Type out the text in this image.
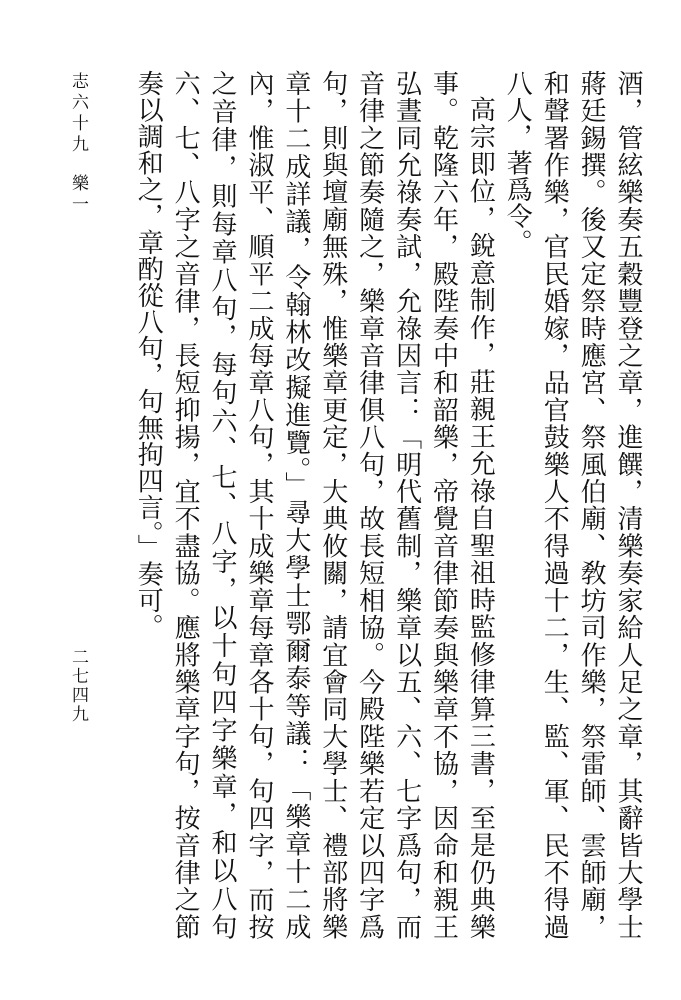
志六十九樂一
二七四九	酒，管絃樂奏五穀豐登之章，進饌，清樂奏家給人足之章，其辭皆大學士蔣廷錫撰。後又定祭時應宮、祭風伯廟、敎坊司作樂，祭雷師、雲師廟，和聲署作樂，官民婚嫁，品官鼓樂人不得過十二，生、監、軍、民不得過八人，著爲令。

高宗即位，銳意制作，莊親王允祿自聖祖時監修律算三書，至是仍典樂事。乾隆六年，殿陛奏中和韶樂，帝覺音律節奏與樂章不協，因命和親王弘晝同允祿奏試，允祿因言：「明代舊制，樂章以五、六、七字爲句，而音律之節奏隨之，樂章音律俱八句，故長短相協。今殿陛樂若定以四字爲句，則與壇廟無殊，惟樂章更定，大典攸關，請宜會同大學士、禮部將樂章十二成詳議，令翰林改擬進覽。」尋大學士鄂爾泰等議：「樂章十二成內，惟淑平、順平二成每章八句，其十成樂章每章各十句，句四字，而按之音律，則每章八句，每句六、七、八字，以十句四字樂章，和以八句六、七、八字之音律，長短抑揚，宜不盡協。應將樂章字句，按音律之節奏以調和之，章酌從八句，句無拘四言。」奏可。
